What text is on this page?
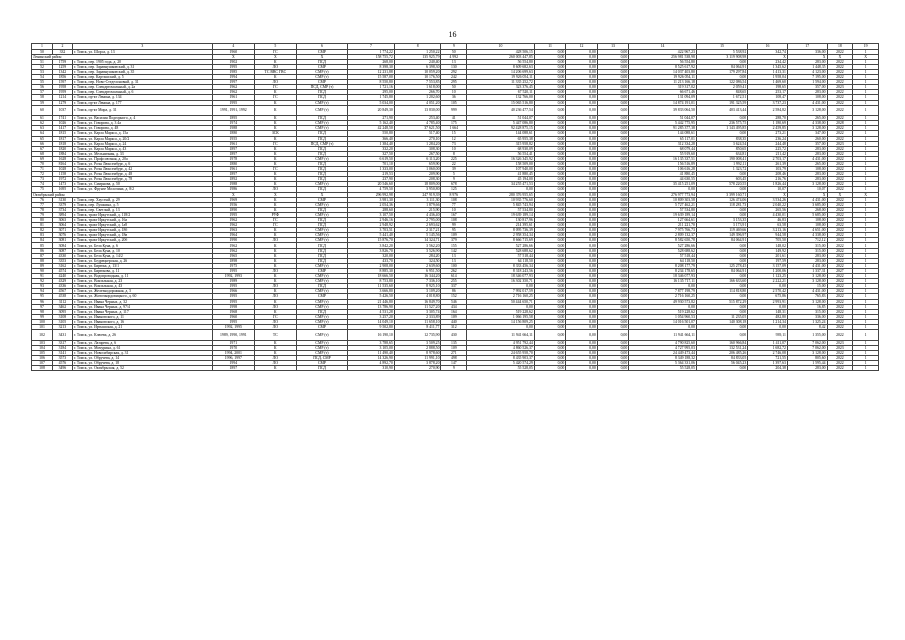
16
1	2	3	4	5	6	7	8	9	10	11	12	13	14	15	16	17	18	19
50	332	г. Томск, ул. Шорса, д. 13	1960	ГС	СМР	1 774,22	1 250,22	50	428 506,15	0,00	0,00	0,00	422 967,23	5 538,92	342,74	336,00	2022	1
Ленинский район			X	X	X	158 755,72	135 925,79	4 992	260 003 447,85	0,00	0,00	0,00	256 981 538,98	3 119 908,98	X	X	X	X
51	1759	г. Томск, пер. 1905 года, д. 20	1902	К	ПСД	268,00	240,40	13	56 554,80	0,00	0,00	0,00	56 554,80	0,00	234,42	283,00	2022	1
52	1259	г. Томск, пер. Заравнушковский, д. 31	1995	ЛО	СМР	8 398,30	6 398,30	130	8 609 682,63	0,00	0,00	0,00	8 525 617,92	84 064,91	1 345,62	1 448,35	2022	1
53	1342	г. Томск, пер. Заравнушковский, д. 35	1985	ТС ВВС ГВС	СМР (т)	12 231,88	10 059,20	292	14 206 699,63	0,00	0,00	0,00	14 037 403,80	179 297,84	1 413,31	4 123,00	2022	1
54	1856	г. Томск, пер. Карташский, д. 5	1994	К	СМР (т)	15 587,00	10 176,50	242	19 926 054,11	0,00	0,00	0,00	19 926 054,11	0,00	1 958,04	7 195,00	2022	1
55	1597	г. Томск, пер. Ново-Стеделоновый, д. 31	1997	ЛО	СМР	8 550,80	7 553,85	295	11 335 252,72	0,00	0,00	0,00	11 213 166,18	122 086,54	1 469,60	1 594,00	2022	1
56	1958	г. Томск, пер. Спецартомольный, д. 2а	1962	ГС	ПСД, СМР (т)	1 721,16	1 618,00	50	323 376,45	0,00	0,00	0,00	319 317,02	2 059,41	198,65	357,00	2023	1
57	1959	г. Томск, пер. Спецартомольный, д. 6	1962	К	ПСД	295,00	266,70	10	67 520,11	0,00	0,00	0,00	66 671,46	848,65	253,17	283,00	2022	1
58	1214	г. Томск, пр-кт Ленина, д. 134	1961	ГС	ПСД	1 745,80	1 202,60	36	132 766,00	0,00	0,00	0,00	131 094,09	1 672,51	108,47	108,00	2022	1
59	1279	г. Томск, пр-кт Ленина, д. 177	1995	К	СМР (т)	5 034,00	4 051,20	105	15 065 516,80	0,00	0,00	0,00	14 874 191,01	191 325,59	3 737,23	4 431,00	2022	1
60	1037	г. Томск, пр-кт Мира, д. 31	1991, 1991, 1992	К	СМР (т)	20 849,30	13 830,00	999	40 236 477,54	0,00	0,00	0,00	39 833 064,50	403 413,44	2 584,82	3 128,00	2022	1
61	1741	г. Томск, ул. Василия Подгорного, д. 4	1895	К	ПСД	271,90	253,40	41	51 044,07	0,00	0,00	0,00	51 044,07	0,00	288,70	265,00	2022	1
62	1026	г. Томск, ул. Говорова, д. 3 4а	1974	К	СМР (т)	5 162,40	4 785,40	175	5 447 086,80	0,00	0,00	0,00	5 442 775,95	236 575,75	1 180,69	4 338,00	2028	1
63	1417	г. Томск, ул. Говорова, д. 48	1988	К	СМР (т)	42 248,50	37 621,50	1 664	92 428 875,15	0,00	0,00	0,00	91 285 377,38	1 143 495,85	2 459,85	3 128,00	2022	1
64	1815	г. Томск, ул. Карла Маркса, д. 15а	1880	ЗСК	ПСД	550,80	517,40	15	144 088,61	0,00	0,00	0,00	144 088,61	0,00	273,21	347,00	2022	1
65	1817	г. Томск, ул. Карла Маркса, д. 20/2	1955	К	ПСД	366,40	270,10	12	65 955,38	0,00	0,00	0,00	65 117,01	838,35	236,24	260,00	2022	1
66	1818	г. Томск, ул. Карла Маркса, д. 24	1961	ГС	ПСД, СМР (т)	1 384,40	1 284,20	73	315 958,82	0,00	0,00	0,00	312 334,28	3 624,54	244,48	357,00	2023	1
67	1820	г. Томск, ул. Карла Маркса, д. 43	1897	К	ПСД	332,20	308,30	10	68 930,09	0,00	0,00	0,00	68 079,44	850,65	225,72	283,00	2022	1
68	1884	г. Томск, ул. Мельничная, д. 33	1897	К	ПСД	327,50	267,50	8	56 554,41	0,00	0,00	0,00	55 919,60	634,81	211,42	283,00	2022	1
69	1628	г. Томск, ул. Профсоюзная, д. 20а	1978	К	СМР (т)	6 619,50	6 113,20	225	16 326 345,92	0,00	0,00	0,00	16 135 337,51	190 008,41	2 703,17	4 431,00	2022	1
70	8164	г. Томск, ул. Розы Люксембург, д. 6	1880	К	ПСД	701,10	659,90	22	158 509,00	0,00	0,00	0,00	156 516,89	1 992,11	261,39	265,00	2022	1
71	1028	г. Томск, ул. Розы Люксембург, д. 42	1961	ГС	ПСД	1 333,00	1 060,00	39	107 940,00	0,00	0,00	0,00	106 616,28	1 323,72	103,79	108,00	2022	1
72	1158	г. Томск, ул. Розы Люксембург, д. 48	1897	К	ПСД	219,53	209,90	5	41 880,45	0,00	0,00	0,00	41 880,45	0,00	208,46	283,00	2022	1
73	1972	г. Томск, ул. Розы Люксембург, д. 78	1892	К	ПСД	237,90	208,30	9	45 194,00	0,00	0,00	0,00	44 630,55	603,45	216,76	283,00	2022	1
74	1473	г. Томск, ул. Смирнова, д. 50	1988	К	СМР (т)	20 546,60	18 809,00	678	34 255 471,53	0,00	0,00	0,00	35 415 251,09	578 220,55	1 826,44	3 128,00	2022	1
75	1695	г. Томск, ул. Фрунзе Молочина, д. 8/2	1986	ЛО	ПСД	4 759,50	3 950,80	125	0,00	0,00	0,00	0,00	0,00	0,00	10,07	10,07	2022	1
Октябрьский район			X	X	X	296 992,98	247 919,39	8 976	280 376 955,65	0,00	0,00	0,00	276 977 773,94	3 399 160,71	X	X	X	X
76	3130	г. Томск, пер. Хаустый, д. 29	1969	К	СМР	3 981,30	3 111,30	108	10 935 776,60	0,00	0,00	0,00	10 809 303,58	126 474,06	3 534,26	4 431,00	2022	1
77	3379	г. Томск, пер. Лушкина, д. 5	1956	К	СМР (т)	2 054,36	1 879,66	77	5 845 743,94	0,00	0,00	0,00	5 727 462,21	118 281,73	2 040,22	3 685,00	2022	1
78	3734	г. Томск, пер. Светлый, д. 13	1890	К	ПСД	288,60	215,90	10	57 534,80	0,00	0,00	0,00	57 534,80	0,00	265,56	268,00	2022	1
79	3894	г. Томск, тракт Иркутский, д. 118/2	1995	РУФ	СМР (т)	3 107,50	4 436,40	167	19 639 189,14	0,00	0,00	0,00	19 639 189,14	0,00	4 430,01	5 685,00	2022	1
80	3063	г. Томск, тракт Иркутский, д. 16а	1962	ГС	ПСД	2 946,16	2 795,00	108	130 817,96	0,00	0,00	0,00	127 664,61	3 153,35	46,83	108,00	2022	1
81	3064	г. Томск, тракт Иркутский, д. 1а8	1962	ГС	ПСД	2 948,92	2 693,62	99	214 395,61	0,00	0,00	0,00	211 221,70	3 173,91	63,58	108,00	2022	1
82	3071	г. Томск, тракт Иркутский, д. 18б	1963	К	СМР (т)	3 703,51	2 317,21	95	8 095 736,39	0,00	0,00	0,00	7 975 766,73	119 469,66	3 213,16	4 651,00	2022	1
83	3076	г. Томск, тракт Иркутский, д. 18в	1964	К	СМР (т)	5 441,40	5 145,56	109	2 958 354,34	0,00	0,00	0,00	2 809 132,37	149 396,97	944,58	4 338,00	2022	1
84	3081	г. Томск, тракт Иркутский, д. 20б	1990	ЛО	СМР (т)	15 876,70	14 324,71	379	8 666 715,69	0,00	0,00	0,00	8 582 650,78	84 064,91	705,50	712,12	2022	1
85	3084	г. Томск, ул. Бела Куна, д. 6	1962	К	ПСД	3 842,20	3 562,20	155	527 286,66	0,00	0,00	0,00	527 286,66	0,00	148,02	315,00	2022	1
86	3087	г. Томск, ул. Бела Куна, д. 10	1962	К	ПСД	3 826,70	3 526,90	142	528 688,62	0,00	0,00	0,00	528 688,62	0,00	149,92	315,00	2022	1
87	4330	г. Томск, ул. Бела Куна, д. 14/2	1965	К	ПСД	320,00	284,20	13	57 518,44	0,00	0,00	0,00	57 518,44	0,00	201,61	283,00	2022	1
88	3353	г. Томск, ул. Бедрецкерская, д. 26	1898	К	ПСД	433,70	324,50	13	64 118,50	0,00	0,00	0,00	64 118,50	0,00	197,59	283,00	2022	1
89	3162	г. Томск, ул. Бирюка, д. 13/1	1975	К	СМР (т)	2 908,00	2 639,60	100	8 333 456,34	0,00	0,00	0,00	8 208 177,79	125 278,45	3 157,09	4 431,00	2022	1
90	4574	г. Томск, ул. Бирюкова, д. 11	1995	ЛО	СМР	8 885,30	6 951,50	262	8 318 243,56	0,00	0,00	0,00	8 234 178,65	84 064,91	1 200,06	1 337,31	2027	1
91	4240	г. Томск, ул. Водопроводная, д. 11	1992, 1993	К	СМР (т)	18 666,50	16 344,20	614	18 346 077,93	0,00	0,00	0,00	18 346 077,93	0,00	1 123,25	3 128,00	2022	1
92	4329	г. Томск, ул. Вокзальная, д. 23	1989	К	СМР (т)	8 753,80	7 336,10	255	16 302 350,71	0,00	0,00	0,00	16 135 717,11	166 633,60	2 222,21	3 128,00	2022	1
93	4336	г. Томск, ул. Вокзальная, д. 43	1995	ЛО	ПСД	11 535,60	8 925,10	337	0,00	0,00	0,00	0,00	0,00	0,00	0,00	15,00	2022	1
94	4567	г. Томск, ул. Железнодорожная, д. 5	1966	К	СМР (т)	3 666,80	3 109,20	86	7 992 017,59	0,00	0,00	0,00	7 877 198,79	114 818,80	2 570,42	4 431,00	2022	1
95	4538	г. Томск, ул. Житочкордовицкого, д. 60	1995	ЛО	СМР	5 426,50	4 018,80	152	2 716 160,25	0,00	0,00	0,00	2 716 160,25	0,00	675,86	765,83	2022	1
96	3112	г. Томск, ул. Ивана Черных, д. 32	1995	К	СМР (т)	21 446,80	16 849,70	546	50 444 650,71	0,00	0,00	0,00	49 930 573,82	515 872,29	2 993,91	3 128,00	2022	1
97	3462	г. Томск, ул. Ивана Черных, д. 97/4	1998	ЛО	СМР (т)	13 786,90	11 527,20	434	0,00	0,00	0,00	0,00	0,00	0,00	0,00	16,85	2022	1
98	3095	г. Томск, ул. Ивана Черных, д. 117	1968	К	ПСД	4 531,28	3 305,74	164	519 228,62	0,00	0,00	0,00	519 228,62	0,00	148,31	315,00	2022	1
99	3108	г. Томск, ул. Ивановского, д. 11	1960	ГС	СМР (т)	3 257,20	2 333,89	109	1 066 195,58	0,00	0,00	0,00	1 054 960,53	11 235,05	482,80	336,00	2022	1
100	3105	г. Томск, ул. Ивановского, д. 16	1995	ЛО	СМР (т)	14 049,10	11 658,10	440	14 156 809,25	0,00	0,00	0,00	14 016 501,07	140 308,18	1 214,34	1 325,24	2022	1
101	3213	г. Томск, ул. Иртышская, д. 21	1992, 1995	ЛО	СМР	9 502,80	8 411,77	312	0,00	0,00	0,00	0,00	0,00	0,00	0,00	8,42	2022	1
102	3431	г. Томск, ул. Клюева, д. 26	1989, 1990, 1991	ТС	СМР (т)	16 190,10	12 735,90	430	11 941 664,11	0,00	0,00	0,00	11 941 664,11	0,00	939,11	1 355,00	2022	1
103	3317	г. Томск, ул. Лазарева, д. 6	1971	К	СМР (т)	3 788,65	3 509,25	135	4 951 792,44	0,00	0,00	0,00	4 790 825,60	160 966,84	1 411,07	7 062,00	2023	1
104	3184	г. Томск, ул. Мичурина, д. 61	1970	К	СМР (т)	3 105,00	2 888,50	109	4 860 526,37	0,00	0,00	0,00	4 727 995,03	132 531,24	1 682,72	7 062,00	2023	1
105	3141	г. Томск, ул. Новосибирская, д. 31	1994, 2001	К	СМР (т)	11 490,40	8 978,60	271	24 655 958,70	0,00	0,00	0,00	24 449 473,44	206 485,26	2 746,08	3 128,00	2022	1
106	3573	г. Томск, ул. Обручева, д. 14	1996, 1997	ЛО	ПСД, СМР	14 326,90	11 991,10	498	8 435 903,37	0,00	0,00	0,00	8 349 188,32	84 833,05	721,55	805,60	2022	1
107	4576	г. Томск, ул. Обручева, д. 18	1994	ЛО	СМР	4 892,70	3 878,20	147	5 420 574,29	0,00	0,00	0,00	5 364 331,06	56 045,23	1 397,63	1 595,44	2022	1
108	3496	г. Томск, ул. Октябрьская, д. 52	1897	К	ПСД	310,90	270,90	9	55 528,05	0,00	0,00	0,00	55 528,05	0,00	204,38	283,00	2022	1
